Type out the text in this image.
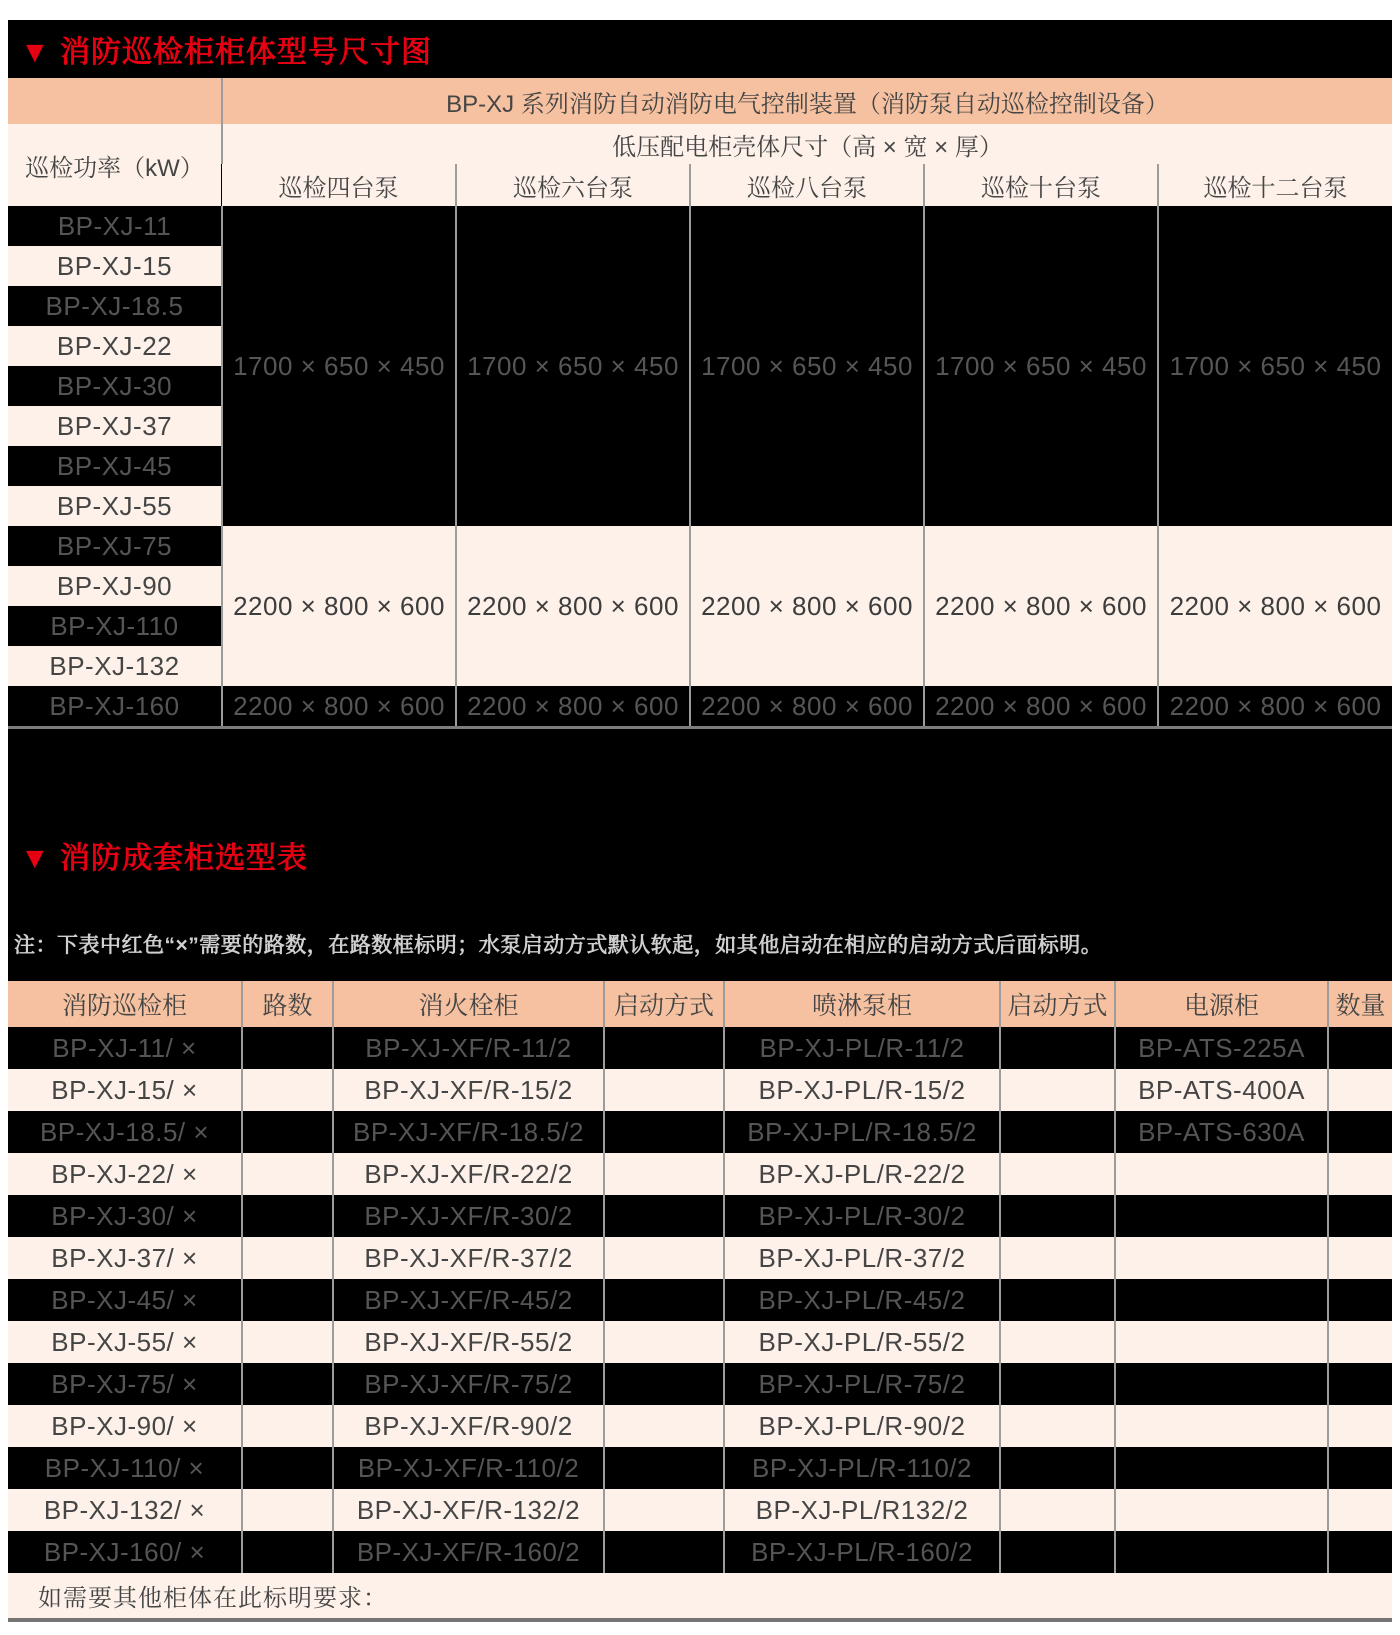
▼ 消防巡检柜柜体型号尺寸图
	BP-XJ 系列消防自动消防电气控制装置（消防泵自动巡检控制设备）				
巡检功率（kW）	低压配电柜壳体尺寸（高 × 宽 × 厚）				
	巡检四台泵	巡检六台泵	巡检八台泵	巡检十台泵	巡检十二台泵
BP-XJ-11	1700 × 650 × 450	1700 × 650 × 450	1700 × 650 × 450	1700 × 650 × 450	1700 × 650 × 450
BP-XJ-15					
BP-XJ-18.5					
BP-XJ-22					
BP-XJ-30					
BP-XJ-37					
BP-XJ-45					
BP-XJ-55					
BP-XJ-75	2200 × 800 × 600	2200 × 800 × 600	2200 × 800 × 600	2200 × 800 × 600	2200 × 800 × 600
BP-XJ-90					
BP-XJ-110					
BP-XJ-132					
BP-XJ-160	2200 × 800 × 600	2200 × 800 × 600	2200 × 800 × 600	2200 × 800 × 600	2200 × 800 × 600
▼ 消防成套柜选型表
注：下表中红色“×”需要的路数，在路数框标明；水泵启动方式默认软起，如其他启动在相应的启动方式后面标明。
消防巡检柜	路数	消火栓柜	启动方式	喷淋泵柜	启动方式	电源柜	数量
BP-XJ-11/ ×		BP-XJ-XF/R-11/2		BP-XJ-PL/R-11/2		BP-ATS-225A	
BP-XJ-15/ ×		BP-XJ-XF/R-15/2		BP-XJ-PL/R-15/2		BP-ATS-400A	
BP-XJ-18.5/ ×		BP-XJ-XF/R-18.5/2		BP-XJ-PL/R-18.5/2		BP-ATS-630A	
BP-XJ-22/ ×		BP-XJ-XF/R-22/2		BP-XJ-PL/R-22/2			
BP-XJ-30/ ×		BP-XJ-XF/R-30/2		BP-XJ-PL/R-30/2			
BP-XJ-37/ ×		BP-XJ-XF/R-37/2		BP-XJ-PL/R-37/2			
BP-XJ-45/ ×		BP-XJ-XF/R-45/2		BP-XJ-PL/R-45/2			
BP-XJ-55/ ×		BP-XJ-XF/R-55/2		BP-XJ-PL/R-55/2			
BP-XJ-75/ ×		BP-XJ-XF/R-75/2		BP-XJ-PL/R-75/2			
BP-XJ-90/ ×		BP-XJ-XF/R-90/2		BP-XJ-PL/R-90/2			
BP-XJ-110/ ×		BP-XJ-XF/R-110/2		BP-XJ-PL/R-110/2			
BP-XJ-132/ ×		BP-XJ-XF/R-132/2		BP-XJ-PL/R132/2			
BP-XJ-160/ ×		BP-XJ-XF/R-160/2		BP-XJ-PL/R-160/2			
如需要其他柜体在此标明要求：							
